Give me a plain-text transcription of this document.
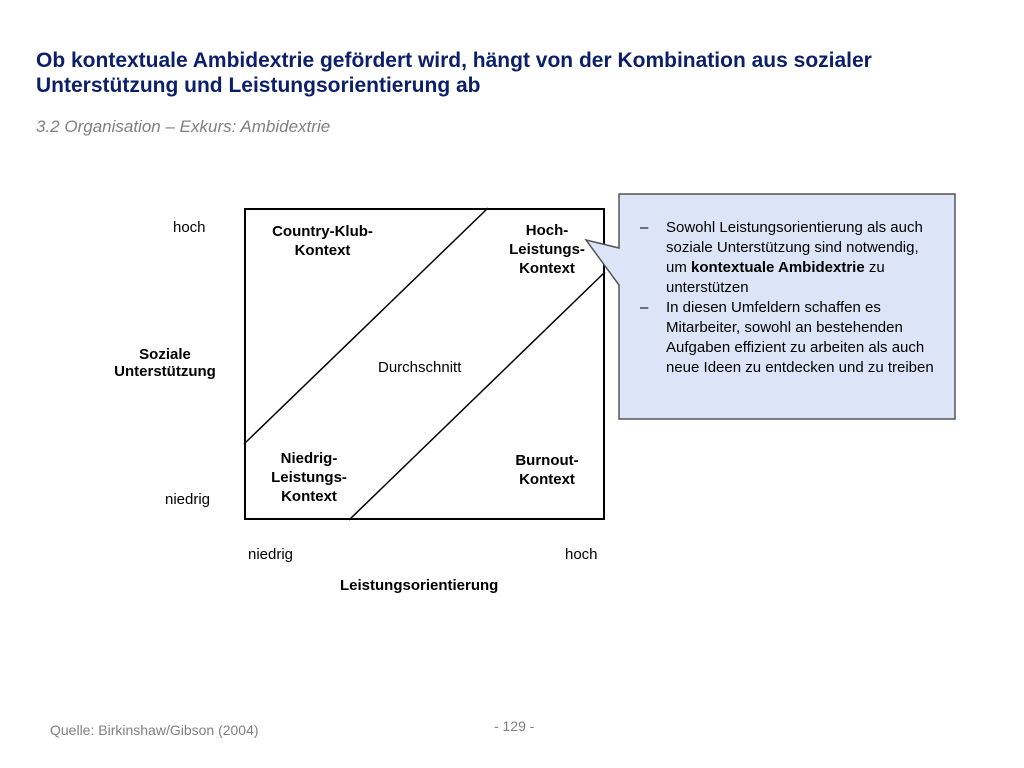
Ob kontextuale Ambidextrie gefördert wird, hängt von der Kombination aus sozialer Unterstützung und Leistungsorientierung ab
3.2 Organisation – Exkurs: Ambidextrie
hoch
niedrig
Soziale
Unterstützung
niedrig	hoch
Leistungsorientierung
Country-Klub-
Kontext
Hoch-
Leistungs-
Kontext
Durchschnitt
Niedrig-
Leistungs-
Kontext
Burnout-
Kontext
– Sowohl Leistungsorientierung als auch soziale Unterstützung sind notwendig, um kontextuale Ambidextrie zu unterstützen
– In diesen Umfeldern schaffen es Mitarbeiter, sowohl an bestehenden Aufgaben effizient zu arbeiten als auch neue Ideen zu entdecken und zu treiben
Quelle: Birkinshaw/Gibson (2004)	- 129 -
